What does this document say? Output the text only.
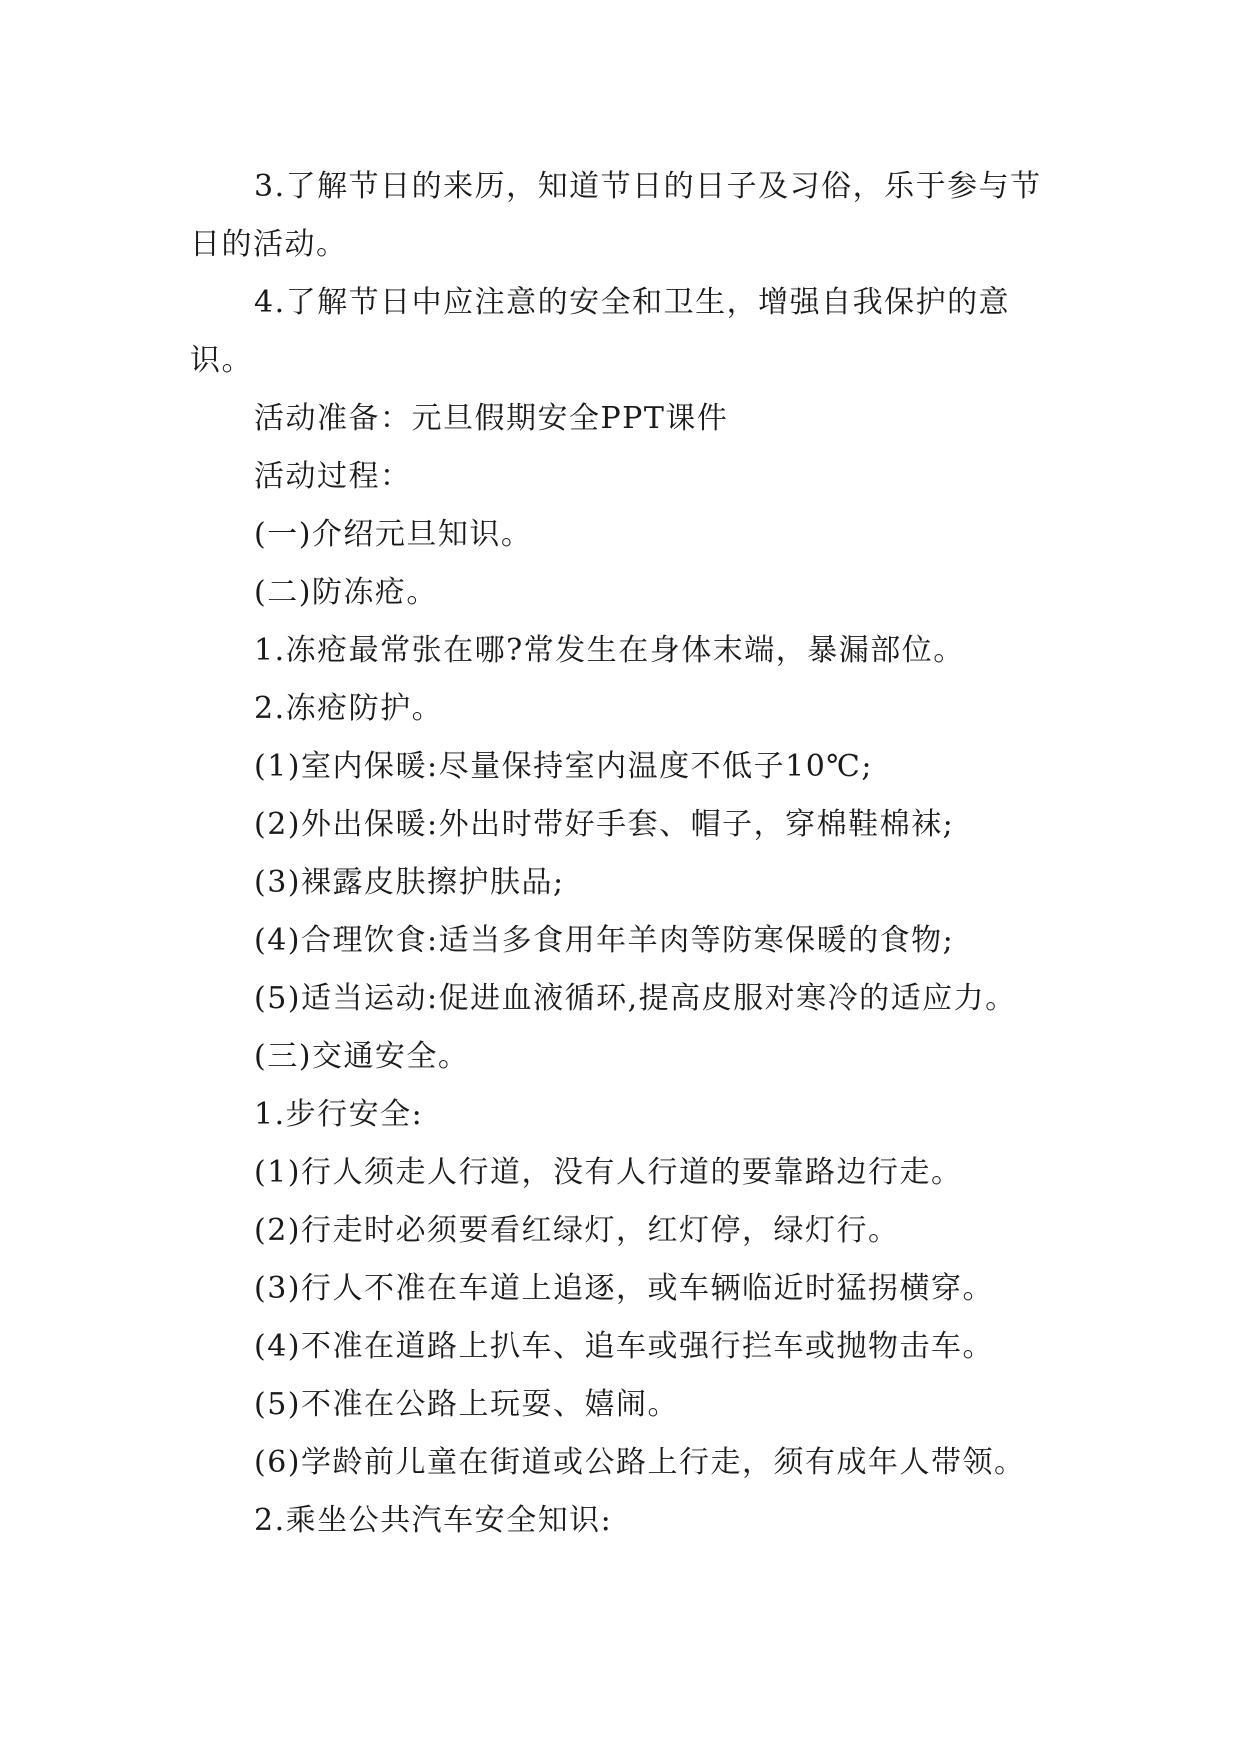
3.了解节日的来历，知道节日的日子及习俗，乐于参与节日的活动。

4.了解节日中应注意的安全和卫生，增强自我保护的意识。

活动准备：元旦假期安全PPT课件

活动过程：

(一)介绍元旦知识。

(二)防冻疮。

1.冻疮最常张在哪?常发生在身体末端，暴漏部位。

2.冻疮防护。

(1)室内保暖:尽量保持室内温度不低子10℃;

(2)外出保暖:外出时带好手套、帽子，穿棉鞋棉袜;

(3)裸露皮肤擦护肤品;

(4)合理饮食:适当多食用年羊肉等防寒保暖的食物;

(5)适当运动:促进血液循环,提高皮服对寒冷的适应力。

(三)交通安全。

1.步行安全:

(1)行人须走人行道，没有人行道的要靠路边行走。

(2)行走时必须要看红绿灯，红灯停，绿灯行。

(3)行人不准在车道上追逐，或车辆临近时猛拐横穿。

(4)不准在道路上扒车、追车或强行拦车或抛物击车。

(5)不准在公路上玩耍、嬉闹。

(6)学龄前儿童在街道或公路上行走，须有成年人带领。

2.乘坐公共汽车安全知识:
